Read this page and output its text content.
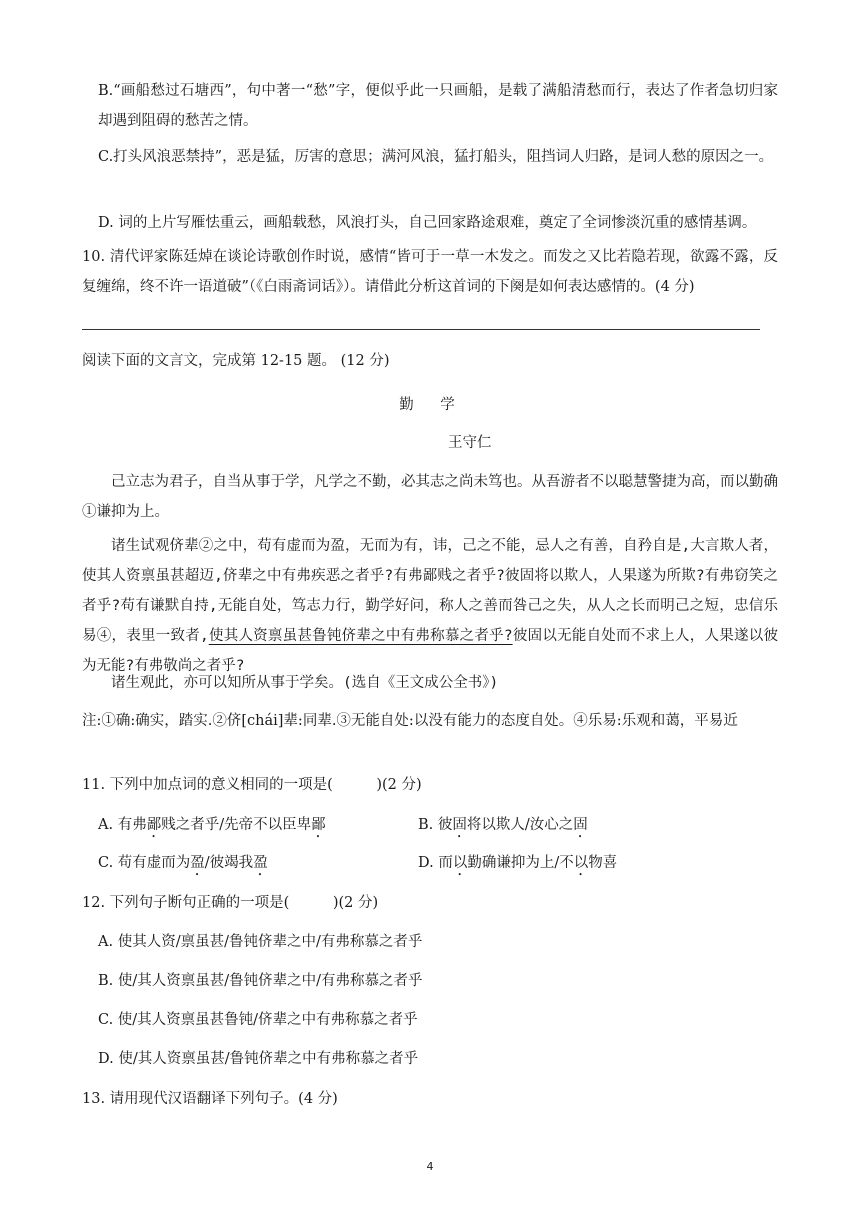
B.“画船愁过石塘西”，句中著一“愁”字，便似乎此一只画船，是载了满船清愁而行，表达了作者急切归家却遇到阻碍的愁苦之情。
C.打头风浪恶禁持”，恶是猛，厉害的意思；满河风浪，猛打船头，阻挡词人归路，是词人愁的原因之一。
D. 词的上片写雁怯重云，画船载愁，风浪打头，自己回家路途艰难，奠定了全词惨淡沉重的感情基调。
10. 清代评家陈廷焯在谈论诗歌创作时说，感情“皆可于一草一木发之。而发之又比若隐若现，欲露不露，反复缠绵，终不许一语道破”（《白雨斋词话》）。请借此分析这首词的下阕是如何表达感情的。(4 分)
阅读下面的文言文，完成第 12-15 题。 (12 分)
勤　学
王守仁
己立志为君子，自当从事于学，凡学之不勤，必其志之尚未笃也。从吾游者不以聪慧警捷为高，而以勤确①谦抑为上。
诸生试观侪辈②之中，苟有虚而为盈，无而为有，讳，己之不能，忌人之有善，自矜自是,大言欺人者，使其人资禀虽甚超迈,侪辈之中有弗疾恶之者乎?有弗鄙贱之者乎?彼固将以欺人，人果遂为所欺?有弗窃笑之者乎?苟有谦默自持,无能自处，笃志力行，勤学好问，称人之善而咎己之失，从人之长而明己之短，忠信乐易④，表里一致者,使其人资禀虽甚鲁钝侪辈之中有弗称慕之者乎?彼固以无能自处而不求上人，人果遂以彼为无能?有弗敬尚之者乎?
诸生观此，亦可以知所从事于学矣。(选自《王文成公全书》)
注:①确:确实，踏实.②侪[chái]辈:同辈.③无能自处:以没有能力的态度自处。④乐易:乐观和蔼，平易近
11. 下列中加点词的意义相同的一项是(　　　)(2 分)
A. 有弗鄙贱之者乎/先帝不以臣卑鄙	B. 彼固将以欺人/汝心之固
C. 苟有虚而为盈/彼竭我盈	D. 而以勤确谦抑为上/不以物喜
12. 下列句子断句正确的一项是(　　　)(2 分)
A. 使其人资/禀虽甚/鲁钝侪辈之中/有弗称慕之者乎
B. 使/其人资禀虽甚/鲁钝侪辈之中/有弗称慕之者乎
C. 使/其人资禀虽甚鲁钝/侪辈之中有弗称慕之者乎
D. 使/其人资禀虽甚/鲁钝侪辈之中有弗称慕之者乎
13. 请用现代汉语翻译下列句子。(4 分)
4
